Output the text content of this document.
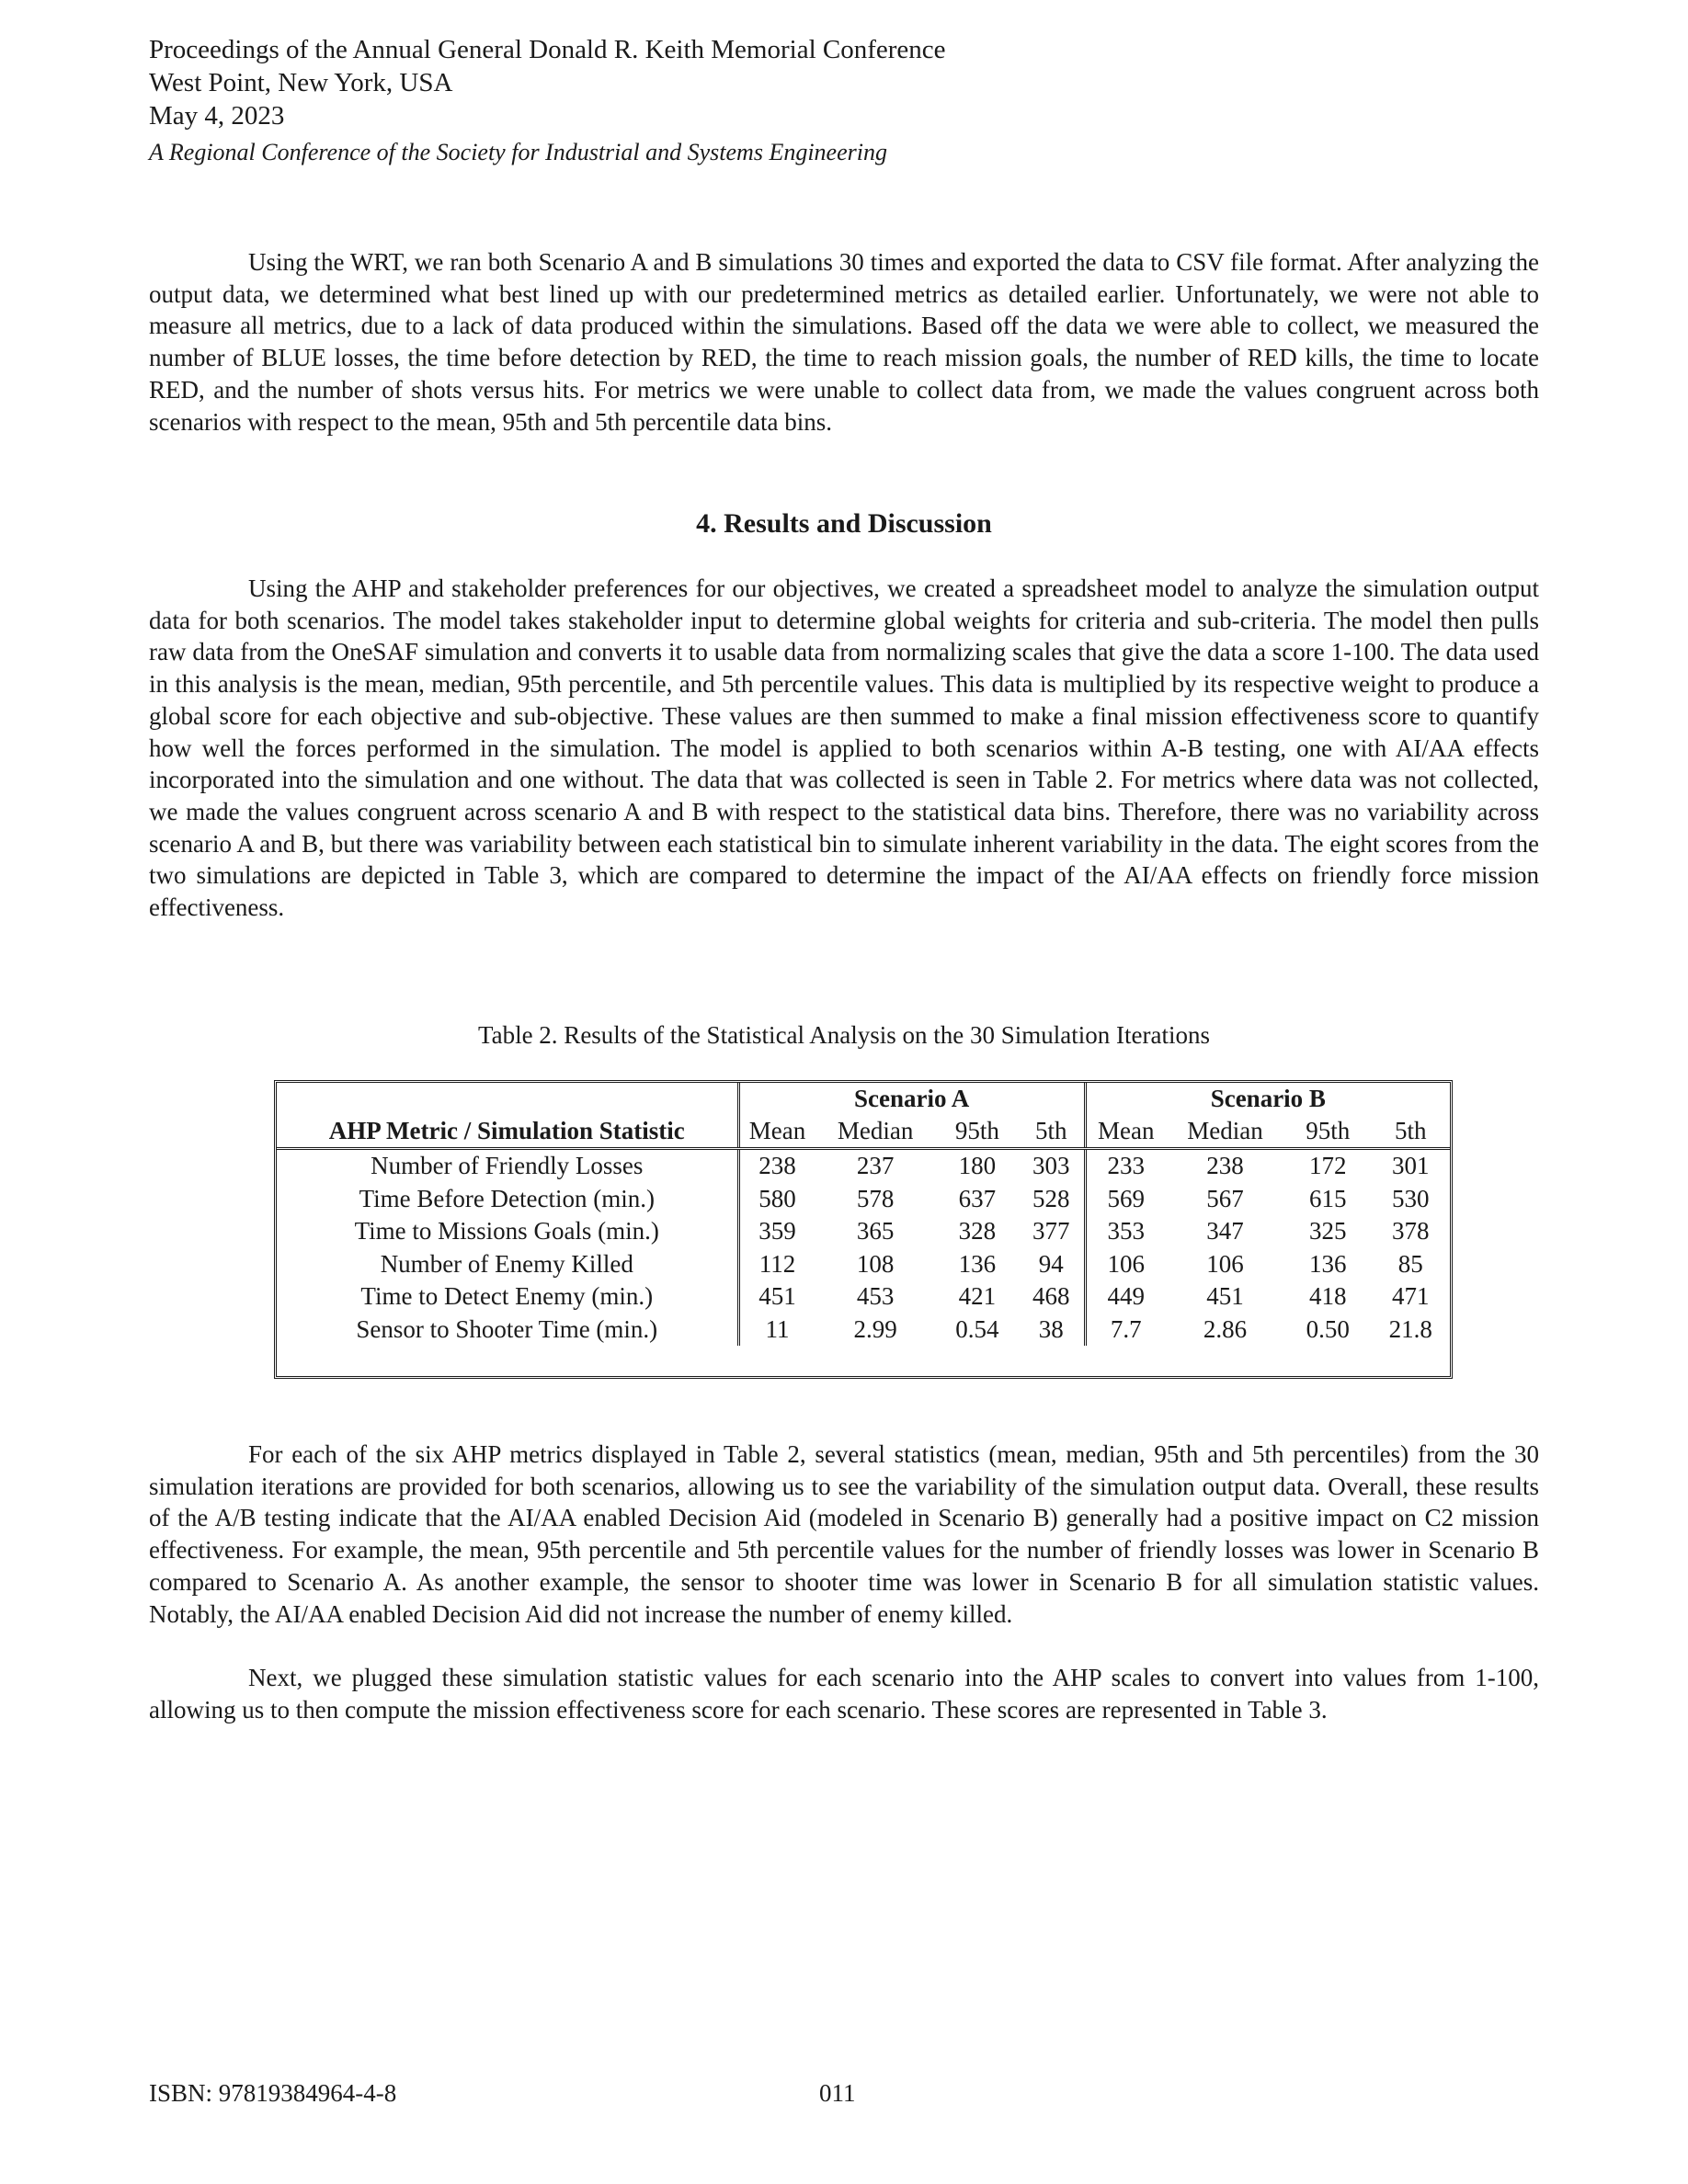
Proceedings of the Annual General Donald R. Keith Memorial Conference
West Point, New York, USA
May 4, 2023
A Regional Conference of the Society for Industrial and Systems Engineering

Using the WRT, we ran both Scenario A and B simulations 30 times and exported the data to CSV file format. After analyzing the output data, we determined what best lined up with our predetermined metrics as detailed earlier. Unfortunately, we were not able to measure all metrics, due to a lack of data produced within the simulations. Based off the data we were able to collect, we measured the number of BLUE losses, the time before detection by RED, the time to reach mission goals, the number of RED kills, the time to locate RED, and the number of shots versus hits. For metrics we were unable to collect data from, we made the values congruent across both scenarios with respect to the mean, 95th and 5th percentile data bins.

4. Results and Discussion

Using the AHP and stakeholder preferences for our objectives, we created a spreadsheet model to analyze the simulation output data for both scenarios. The model takes stakeholder input to determine global weights for criteria and sub-criteria. The model then pulls raw data from the OneSAF simulation and converts it to usable data from normalizing scales that give the data a score 1-100. The data used in this analysis is the mean, median, 95th percentile, and 5th percentile values. This data is multiplied by its respective weight to produce a global score for each objective and sub-objective. These values are then summed to make a final mission effectiveness score to quantify how well the forces performed in the simulation. The model is applied to both scenarios within A-B testing, one with AI/AA effects incorporated into the simulation and one without. The data that was collected is seen in Table 2. For metrics where data was not collected, we made the values congruent across scenario A and B with respect to the statistical data bins. Therefore, there was no variability across scenario A and B, but there was variability between each statistical bin to simulate inherent variability in the data. The eight scores from the two simulations are depicted in Table 3, which are compared to determine the impact of the AI/AA effects on friendly force mission effectiveness.

Table 2. Results of the Statistical Analysis on the 30 Simulation Iterations
	Scenario A				Scenario B			
AHP Metric / Simulation Statistic	Mean	Median	95th	5th	Mean	Median	95th	5th
Number of Friendly Losses	238	237	180	303	233	238	172	301
Time Before Detection (min.)	580	578	637	528	569	567	615	530
Time to Missions Goals (min.)	359	365	328	377	353	347	325	378
Number of Enemy Killed	112	108	136	94	106	106	136	85
Time to Detect Enemy (min.)	451	453	421	468	449	451	418	471
Sensor to Shooter Time (min.)	11	2.99	0.54	38	7.7	2.86	0.50	21.8

For each of the six AHP metrics displayed in Table 2, several statistics (mean, median, 95th and 5th percentiles) from the 30 simulation iterations are provided for both scenarios, allowing us to see the variability of the simulation output data. Overall, these results of the A/B testing indicate that the AI/AA enabled Decision Aid (modeled in Scenario B) generally had a positive impact on C2 mission effectiveness. For example, the mean, 95th percentile and 5th percentile values for the number of friendly losses was lower in Scenario B compared to Scenario A. As another example, the sensor to shooter time was lower in Scenario B for all simulation statistic values. Notably, the AI/AA enabled Decision Aid did not increase the number of enemy killed.

Next, we plugged these simulation statistic values for each scenario into the AHP scales to convert into values from 1-100, allowing us to then compute the mission effectiveness score for each scenario. These scores are represented in Table 3.

ISBN: 97819384964-4-8	011
